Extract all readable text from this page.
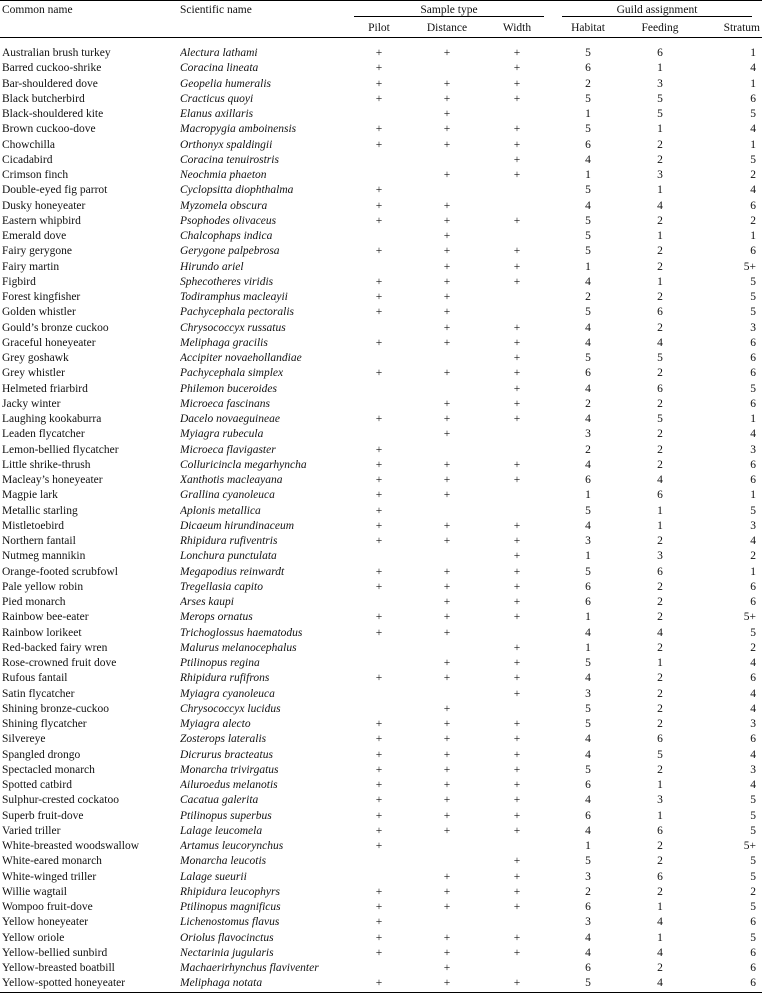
Common name	Scientific name	Sample type			Guild assignment		
		Pilot	Distance	Width	Habitat	Feeding	Stratum

Australian brush turkey	Alectura lathami	+	+	+	5	6	1
Barred cuckoo-shrike	Coracina lineata	+		+	6	1	4
Bar-shouldered dove	Geopelia humeralis	+	+	+	2	3	1
Black butcherbird	Cracticus quoyi	+	+	+	5	5	6
Black-shouldered kite	Elanus axillaris		+		1	5	5
Brown cuckoo-dove	Macropygia amboinensis	+	+	+	5	1	4
Chowchilla	Orthonyx spaldingii	+	+	+	6	2	1
Cicadabird	Coracina tenuirostris			+	4	2	5
Crimson finch	Neochmia phaeton		+	+	1	3	2
Double-eyed fig parrot	Cyclopsitta diophthalma	+			5	1	4
Dusky honeyeater	Myzomela obscura	+	+		4	4	6
Eastern whipbird	Psophodes olivaceus	+	+	+	5	2	2
Emerald dove	Chalcophaps indica		+		5	1	1
Fairy gerygone	Gerygone palpebrosa	+	+	+	5	2	6
Fairy martin	Hirundo ariel		+	+	1	2	5+
Figbird	Sphecotheres viridis	+	+	+	4	1	5
Forest kingfisher	Todiramphus macleayii	+	+		2	2	5
Golden whistler	Pachycephala pectoralis	+	+		5	6	5
Gould’s bronze cuckoo	Chrysococcyx russatus		+	+	4	2	3
Graceful honeyeater	Meliphaga gracilis	+	+	+	4	4	6
Grey goshawk	Accipiter novaehollandiae			+	5	5	6
Grey whistler	Pachycephala simplex	+	+	+	6	2	6
Helmeted friarbird	Philemon buceroides			+	4	6	5
Jacky winter	Microeca fascinans		+	+	2	2	6
Laughing kookaburra	Dacelo novaeguineae	+	+	+	4	5	1
Leaden flycatcher	Myiagra rubecula		+		3	2	4
Lemon-bellied flycatcher	Microeca flavigaster	+			2	2	3
Little shrike-thrush	Colluricincla megarhyncha	+	+	+	4	2	6
Macleay’s honeyeater	Xanthotis macleayana	+	+	+	6	4	6
Magpie lark	Grallina cyanoleuca	+	+		1	6	1
Metallic starling	Aplonis metallica	+			5	1	5
Mistletoebird	Dicaeum hirundinaceum	+	+	+	4	1	3
Northern fantail	Rhipidura rufiventris	+	+	+	3	2	4
Nutmeg mannikin	Lonchura punctulata			+	1	3	2
Orange-footed scrubfowl	Megapodius reinwardt	+	+	+	5	6	1
Pale yellow robin	Tregellasia capito	+	+	+	6	2	6
Pied monarch	Arses kaupi		+	+	6	2	6
Rainbow bee-eater	Merops ornatus	+	+	+	1	2	5+
Rainbow lorikeet	Trichoglossus haematodus	+	+		4	4	5
Red-backed fairy wren	Malurus melanocephalus			+	1	2	2
Rose-crowned fruit dove	Ptilinopus regina		+	+	5	1	4
Rufous fantail	Rhipidura rufifrons	+	+	+	4	2	6
Satin flycatcher	Myiagra cyanoleuca			+	3	2	4
Shining bronze-cuckoo	Chrysococcyx lucidus		+		5	2	4
Shining flycatcher	Myiagra alecto	+	+	+	5	2	3
Silvereye	Zosterops lateralis	+	+	+	4	6	6
Spangled drongo	Dicrurus bracteatus	+	+	+	4	5	4
Spectacled monarch	Monarcha trivirgatus	+	+	+	5	2	3
Spotted catbird	Ailuroedus melanotis	+	+	+	6	1	4
Sulphur-crested cockatoo	Cacatua galerita	+	+	+	4	3	5
Superb fruit-dove	Ptilinopus superbus	+	+	+	6	1	5
Varied triller	Lalage leucomela	+	+	+	4	6	5
White-breasted woodswallow	Artamus leucorynchus	+			1	2	5+
White-eared monarch	Monarcha leucotis			+	5	2	5
White-winged triller	Lalage sueurii		+	+	3	6	5
Willie wagtail	Rhipidura leucophyrs	+	+	+	2	2	2
Wompoo fruit-dove	Ptilinopus magnificus	+	+	+	6	1	5
Yellow honeyeater	Lichenostomus flavus	+			3	4	6
Yellow oriole	Oriolus flavocinctus	+	+	+	4	1	5
Yellow-bellied sunbird	Nectarinia jugularis	+	+	+	4	4	6
Yellow-breasted boatbill	Machaerirhynchus flaviventer		+		6	2	6
Yellow-spotted honeyeater	Meliphaga notata	+	+	+	5	4	6
